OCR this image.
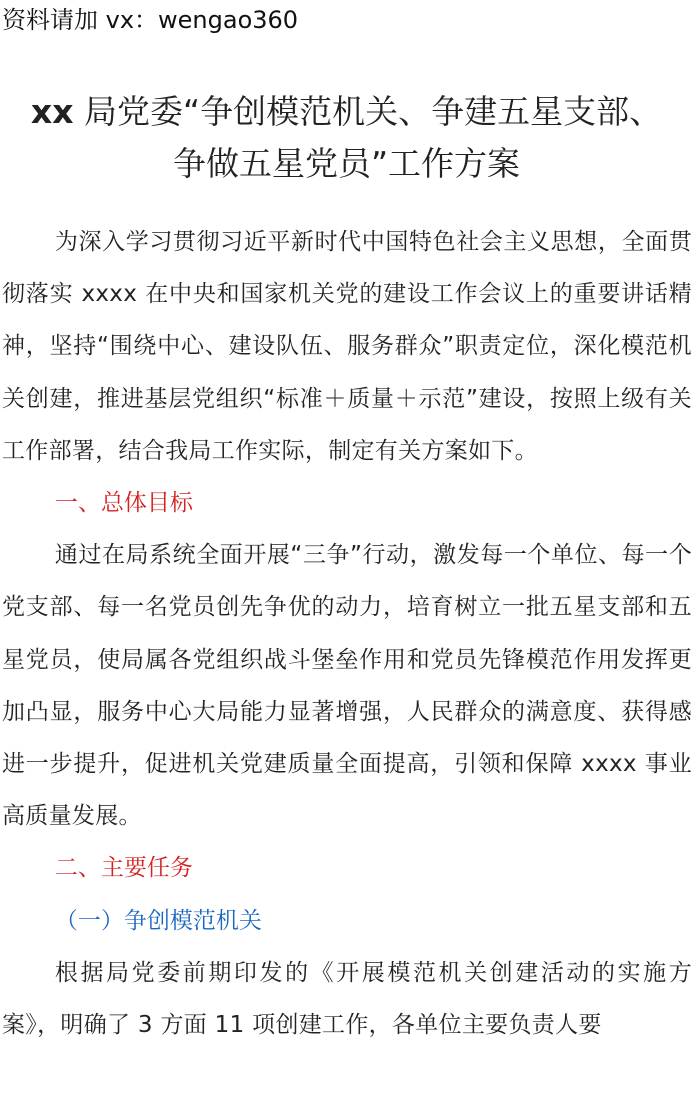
资料请加 vx：wengao360
xx 局党委“争创模范机关、争建五星支部、
争做五星党员”工作方案

为深入学习贯彻习近平新时代中国特色社会主义思想，全面贯彻落实 xxxx 在中央和国家机关党的建设工作会议上的重要讲话精神，坚持“围绕中心、建设队伍、服务群众”职责定位，深化模范机关创建，推进基层党组织“标准＋质量＋示范”建设，按照上级有关工作部署，结合我局工作实际，制定有关方案如下。

一、总体目标

通过在局系统全面开展“三争”行动，激发每一个单位、每一个党支部、每一名党员创先争优的动力，培育树立一批五星支部和五星党员，使局属各党组织战斗堡垒作用和党员先锋模范作用发挥更加凸显，服务中心大局能力显著增强，人民群众的满意度、获得感进一步提升，促进机关党建质量全面提高，引领和保障 xxxx 事业高质量发展。

二、主要任务

（一）争创模范机关

根据局党委前期印发的《开展模范机关创建活动的实施方案》，明确了 3 方面 11 项创建工作，各单位主要负责人要
